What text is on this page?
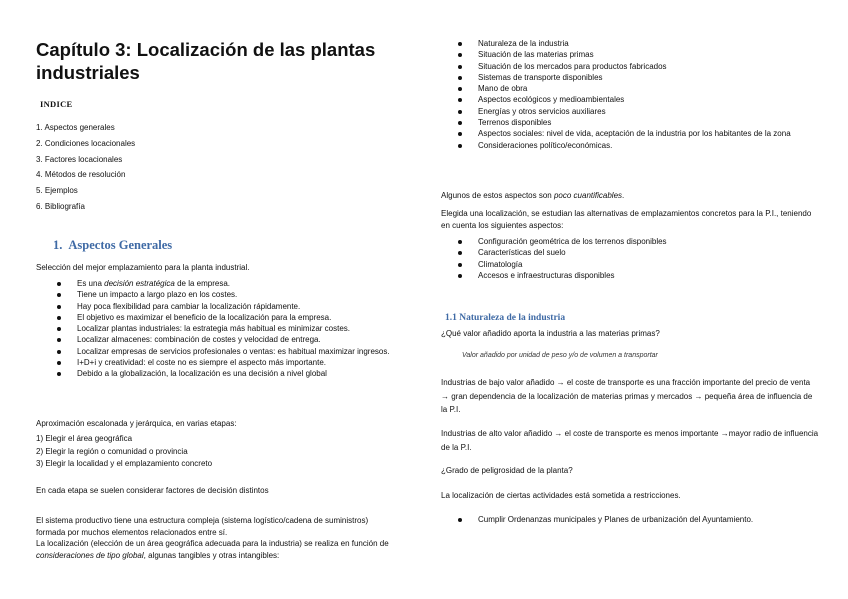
Capítulo 3: Localización de las plantas industriales
INDICE
1. Aspectos generales
2. Condiciones locacionales
3. Factores locacionales
4. Métodos de resolución
5. Ejemplos
6. Bibliografía
1. Aspectos Generales
Selección del mejor emplazamiento para la planta industrial.
Es una decisión estratégica de la empresa.
Tiene un impacto a largo plazo en los costes.
Hay poca flexibilidad para cambiar la localización rápidamente.
El objetivo es maximizar el beneficio de la localización para la empresa.
Localizar plantas industriales: la estrategia más habitual es minimizar costes.
Localizar almacenes: combinación de costes y velocidad de entrega.
Localizar empresas de servicios profesionales o ventas: es habitual maximizar ingresos.
I+D+i y creatividad: el coste no es siempre el aspecto más importante.
Debido a la globalización, la localización es una decisión a nivel global
Aproximación escalonada y jerárquica, en varias etapas:
1) Elegir el área geográfica
2) Elegir la región o comunidad o provincia
3) Elegir la localidad y el emplazamiento concreto
En cada etapa se suelen considerar factores de decisión distintos
El sistema productivo tiene una estructura compleja (sistema logístico/cadena de suministros) formada por muchos elementos relacionados entre sí.
La localización (elección de un área geográfica adecuada para la industria) se realiza en función de consideraciones de tipo global, algunas tangibles y otras intangibles:
Naturaleza de la industria
Situación de las materias primas
Situación de los mercados para productos fabricados
Sistemas de transporte disponibles
Mano de obra
Aspectos ecológicos y medioambientales
Energías y otros servicios auxiliares
Terrenos disponibles
Aspectos sociales: nivel de vida, aceptación de la industria por los habitantes de la zona
Consideraciones político/económicas.
Algunos de estos aspectos son poco cuantificables.
Elegida una localización, se estudian las alternativas de emplazamientos concretos para la P.I., teniendo en cuenta los siguientes aspectos:
Configuración geométrica de los terrenos disponibles
Características del suelo
Climatología
Accesos e infraestructuras disponibles
1.1 Naturaleza de la industria
¿Qué valor añadido aporta la industria a las materias primas?
Valor añadido por unidad de peso y/o de volumen a transportar
Industrias de bajo valor añadido → el coste de transporte es una fracción importante del precio de venta → gran dependencia de la localización de materias primas y mercados → pequeña área de influencia de la P.I.
Industrias de alto valor añadido → el coste de transporte es menos importante →mayor radio de influencia de la P.I.
¿Grado de peligrosidad de la planta?
La localización de ciertas actividades está sometida a restricciones.
Cumplir Ordenanzas municipales y Planes de urbanización del Ayuntamiento.
